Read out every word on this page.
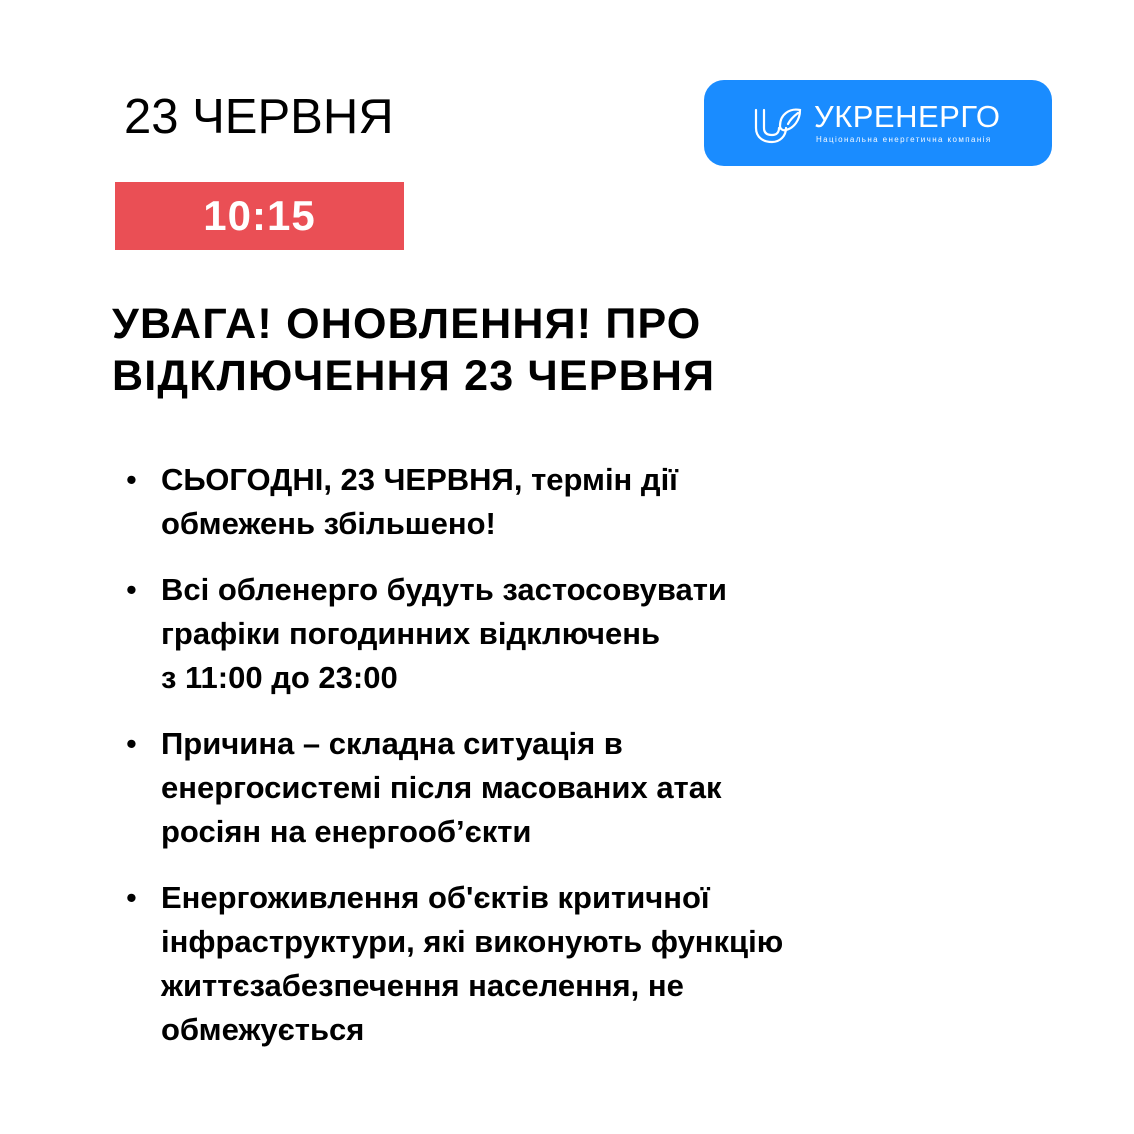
23 ЧЕРВНЯ	УКРЕНЕРГО
Національна енергетична компанія
10:15
УВАГА! ОНОВЛЕННЯ! ПРО
ВІДКЛЮЧЕННЯ 23 ЧЕРВНЯ
• СЬОГОДНІ, 23 ЧЕРВНЯ, термін дії
обмежень збільшено!
• Всі обленерго будуть застосовувати
графіки погодинних відключень
з 11:00 до 23:00
• Причина – складна ситуація в
енергосистемі після масованих атак
росіян на енергооб’єкти
• Енергоживлення об'єктів критичної
інфраструктури, які виконують функцію
життєзабезпечення населення, не
обмежується
